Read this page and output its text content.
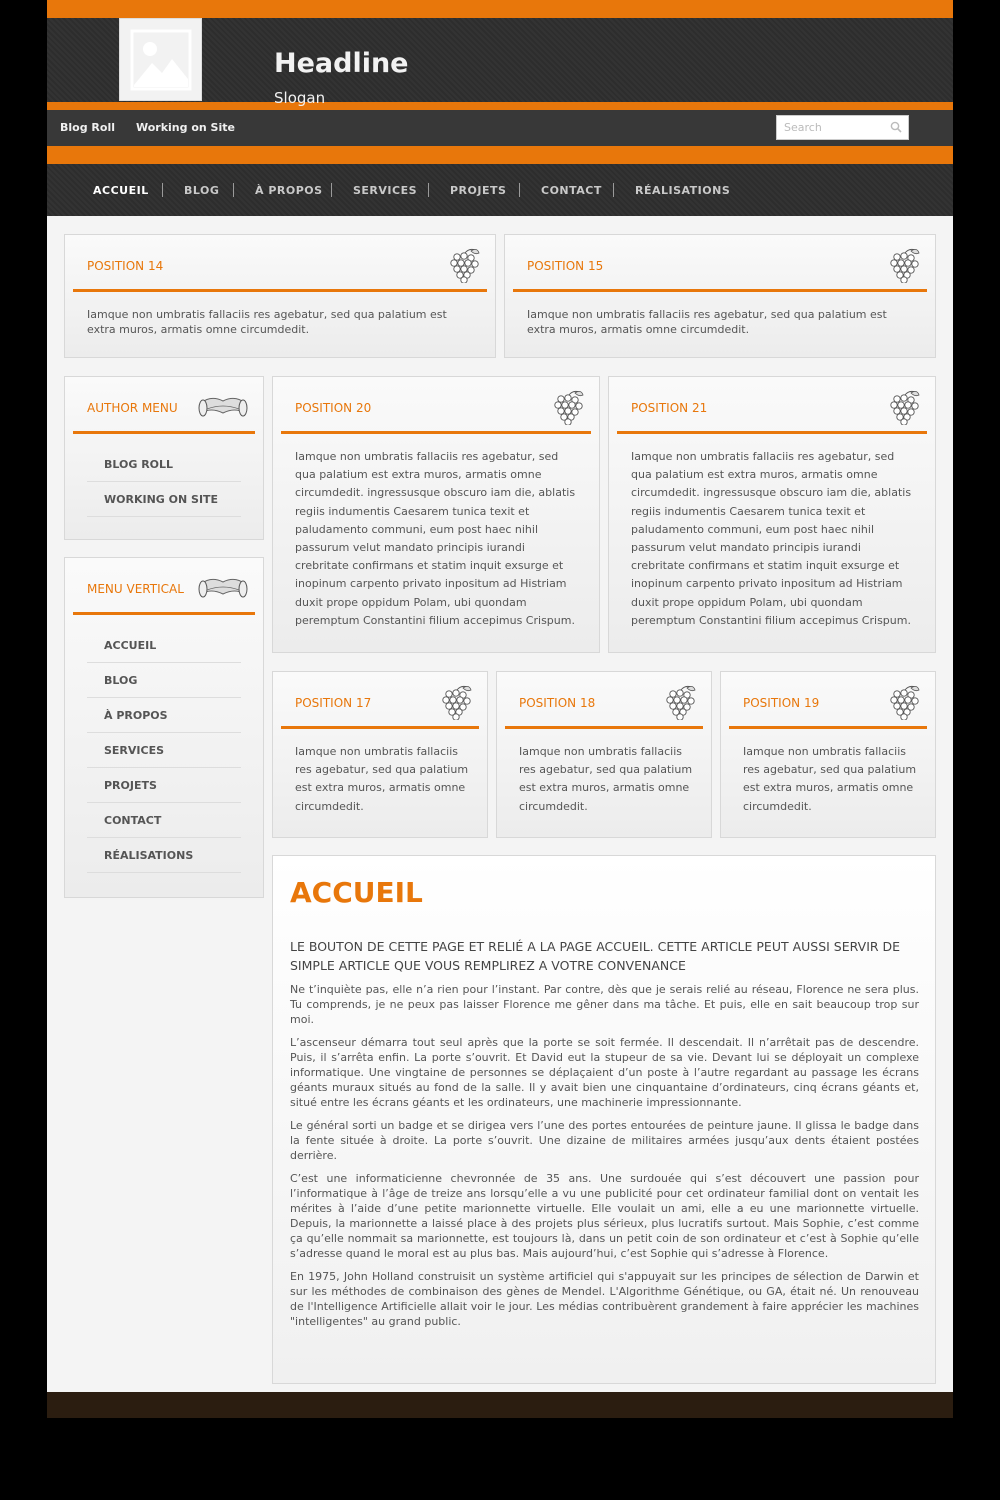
Headline
Slogan
Blog Roll Working on Site
Search
ACCUEIL	BLOG	À PROPOS	SERVICES	PROJETS	CONTACT	RÉALISATIONS
POSITION 14
Iamque non umbratis fallaciis res agebatur, sed qua palatium est extra muros, armatis omne circumdedit.
POSITION 15
Iamque non umbratis fallaciis res agebatur, sed qua palatium est extra muros, armatis omne circumdedit.
AUTHOR MENU
BLOG ROLL
WORKING ON SITE
MENU VERTICAL
ACCUEIL
BLOG
À PROPOS
SERVICES
PROJETS
CONTACT
RÉALISATIONS
POSITION 20
Iamque non umbratis fallaciis res agebatur, sed qua palatium est extra muros, armatis omne circumdedit. ingressusque obscuro iam die, ablatis regiis indumentis Caesarem tunica texit et paludamento communi, eum post haec nihil passurum velut mandato principis iurandi crebritate confirmans et statim inquit exsurge et inopinum carpento privato inpositum ad Histriam duxit prope oppidum Polam, ubi quondam peremptum Constantini filium accepimus Crispum.
POSITION 21
Iamque non umbratis fallaciis res agebatur, sed qua palatium est extra muros, armatis omne circumdedit. ingressusque obscuro iam die, ablatis regiis indumentis Caesarem tunica texit et paludamento communi, eum post haec nihil passurum velut mandato principis iurandi crebritate confirmans et statim inquit exsurge et inopinum carpento privato inpositum ad Histriam duxit prope oppidum Polam, ubi quondam peremptum Constantini filium accepimus Crispum.
POSITION 17
Iamque non umbratis fallaciis res agebatur, sed qua palatium est extra muros, armatis omne circumdedit.
POSITION 18
Iamque non umbratis fallaciis res agebatur, sed qua palatium est extra muros, armatis omne circumdedit.
POSITION 19
Iamque non umbratis fallaciis res agebatur, sed qua palatium est extra muros, armatis omne circumdedit.
ACCUEIL
LE BOUTON DE CETTE PAGE ET RELIÉ A LA PAGE ACCUEIL. CETTE ARTICLE PEUT AUSSI SERVIR DE SIMPLE ARTICLE QUE VOUS REMPLIREZ A VOTRE CONVENANCE

Ne t’inquiète pas, elle n’a rien pour l’instant. Par contre, dès que je serais relié au réseau, Florence ne sera plus. Tu comprends, je ne peux pas laisser Florence me gêner dans ma tâche. Et puis, elle en sait beaucoup trop sur moi.

L’ascenseur démarra tout seul après que la porte se soit fermée. Il descendait. Il n’arrêtait pas de descendre. Puis, il s’arrêta enfin. La porte s’ouvrit. Et David eut la stupeur de sa vie. Devant lui se déployait un complexe informatique. Une vingtaine de personnes se déplaçaient d’un poste à l’autre regardant au passage les écrans géants muraux situés au fond de la salle. Il y avait bien une cinquantaine d’ordinateurs, cinq écrans géants et, situé entre les écrans géants et les ordinateurs, une machinerie impressionnante.

Le général sorti un badge et se dirigea vers l’une des portes entourées de peinture jaune. Il glissa le badge dans la fente située à droite. La porte s’ouvrit. Une dizaine de militaires armées jusqu’aux dents étaient postées derrière.

C’est une informaticienne chevronnée de 35 ans. Une surdouée qui s’est découvert une passion pour l’informatique à l’âge de treize ans lorsqu’elle a vu une publicité pour cet ordinateur familial dont on ventait les mérites à l’aide d’une petite marionnette virtuelle. Elle voulait un ami, elle a eu une marionnette virtuelle. Depuis, la marionnette a laissé place à des projets plus sérieux, plus lucratifs surtout. Mais Sophie, c’est comme ça qu’elle nommait sa marionnette, est toujours là, dans un petit coin de son ordinateur et c’est à Sophie qu’elle s’adresse quand le moral est au plus bas. Mais aujourd’hui, c’est Sophie qui s’adresse à Florence.

En 1975, John Holland construisit un système artificiel qui s'appuyait sur les principes de sélection de Darwin et sur les méthodes de combinaison des gènes de Mendel. L'Algorithme Génétique, ou GA, était né. Un renouveau de l'Intelligence Artificielle allait voir le jour. Les médias contribuèrent grandement à faire apprécier les machines "intelligentes" au grand public.
